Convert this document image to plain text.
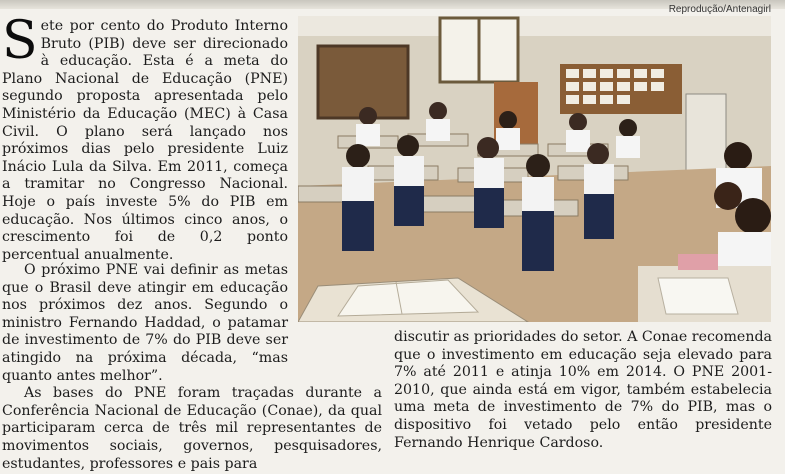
Reprodução/Antenagirl

Sete por cento do Produto Interno Bruto (PIB) deve ser direcionado à educação. Esta é a meta do Plano Nacional de Educação (PNE) segundo proposta apresentada pelo Ministério da Educação (MEC) à Casa Civil. O plano será lançado nos próximos dias pelo presidente Luiz Inácio Lula da Silva. Em 2011, começa a tramitar no Congresso Nacional. Hoje o país investe 5% do PIB em educação. Nos últimos cinco anos, o crescimento foi de 0,2 ponto percentual anualmente.

O próximo PNE vai definir as metas que o Brasil deve atingir em educação nos próximos dez anos. Segundo o ministro Fernando Haddad, o patamar de investimento de 7% do PIB deve ser atingido na próxima década, “mas quanto antes melhor”.

As bases do PNE foram traçadas durante a Conferência Nacional de Educação (Conae), da qual participaram cerca de três mil representantes de movimentos sociais, governos, pesquisadores, estudantes, professores e pais para

discutir as prioridades do setor. A Conae recomenda que o investimento em educação seja elevado para 7% até 2011 e atinja 10% em 2014. O PNE 2001-2010, que ainda está em vigor, também estabelecia uma meta de investimento de 7% do PIB, mas o dispositivo foi vetado pelo então presidente Fernando Henrique Cardoso.
